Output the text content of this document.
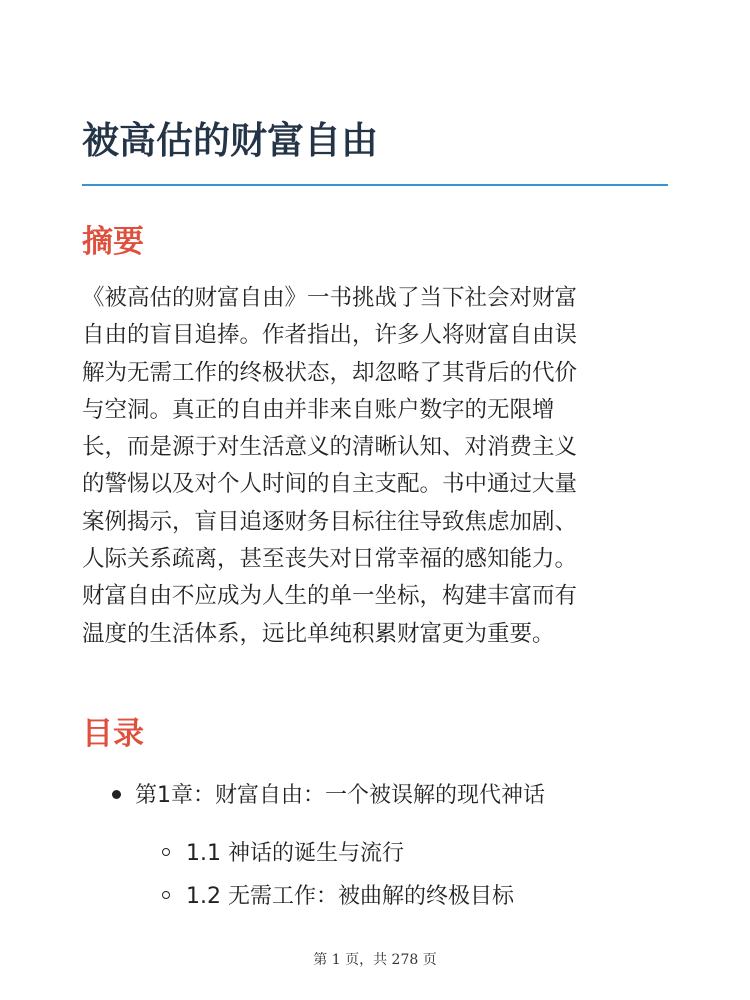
被高估的财富自由
摘要

《被高估的财富自由》一书挑战了当下社会对财富
自由的盲目追捧。作者指出，许多人将财富自由误
解为无需工作的终极状态，却忽略了其背后的代价
与空洞。真正的自由并非来自账户数字的无限增
长，而是源于对生活意义的清晰认知、对消费主义
的警惕以及对个人时间的自主支配。书中通过大量
案例揭示，盲目追逐财务目标往往导致焦虑加剧、
人际关系疏离，甚至丧失对日常幸福的感知能力。
财富自由不应成为人生的单一坐标，构建丰富而有
温度的生活体系，远比单纯积累财富更为重要。

目录
第1章：财富自由：一个被误解的现代神话
1.1 神话的诞生与流行
1.2 无需工作：被曲解的终极目标
第 1 页，共 278 页
